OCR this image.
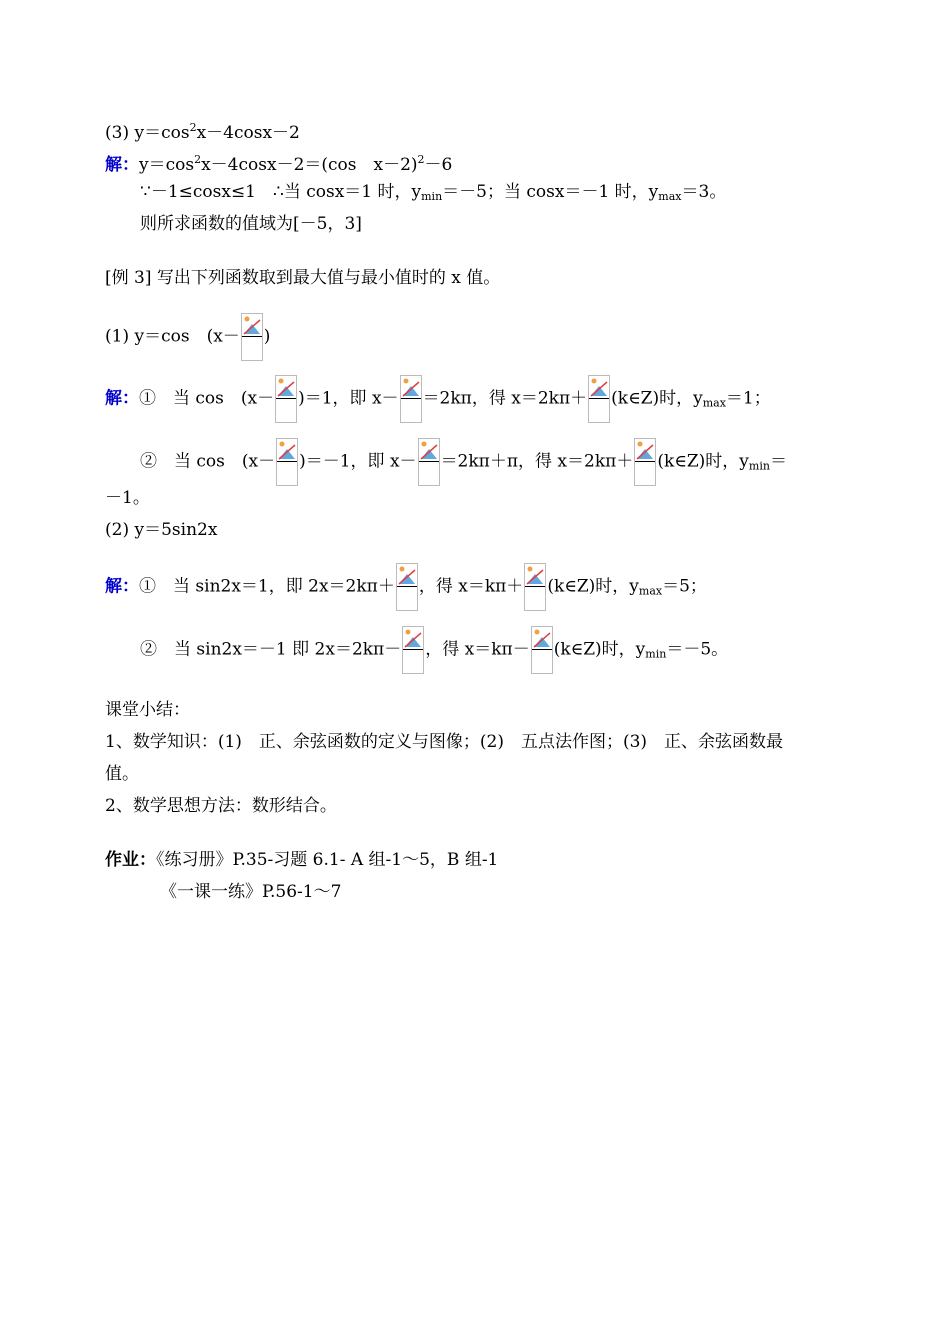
(3) $y=\cos^2x-4\cos x-2$
解：$y=\cos^2x-4\cos x-2=(\cos$　x－2)$^2$－6
∵－1≤cosx≤1　∴当 cosx＝1 时，$y_{min}=-5$；当 cosx＝－1 时，$y_{max}=3$。
则所求函数的值域为[－5，3]
[例 3] 写出下列函数取到最大值与最小值时的 x 值。
(1) y＝cos　(x－ )
解：①　当 cos　(x－ )＝1，即 x－ ＝2kπ，得 x＝2kπ＋ (k∈Z)时，$y_{max}=1$；
②　当 cos　(x－ )＝－1，即 x－ ＝2kπ＋π，得 x＝2kπ＋ (k∈Z)时，$y_{min}=$
－1。
(2) y＝5sin2x
解：①　当 sin2x＝1，即 2x＝2kπ＋ ，得 x＝kπ＋ (k∈Z)时，$y_{max}=5$；
②　当 sin2x＝－1 即 2x＝2kπ－ ，得 x＝kπ－ (k∈Z)时，$y_{min}=-5$。
课堂小结：
1、数学知识：(1)　正、余弦函数的定义与图像；(2)　五点法作图；(3)　正、余弦函数最
值。
2、数学思想方法：数形结合。
作业：《练习册》P.35-习题 6.1- A 组-1～5，B 组-1
《一课一练》P.56-1～7
